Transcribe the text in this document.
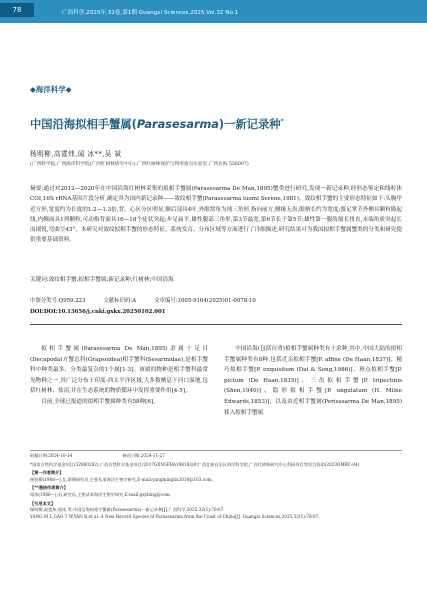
78	广西科学,2025年,32卷,第1期 Guangxi Sciences,2025,Vol.32 No.1
◆海洋科学◆
中国沿海拟相手蟹属(Parasesarma)一新记录种*
杨明柳,高霆炜,闻 冰**,吴 斌
(广西科学院,广西海洋科学院(广西红树林研究中心),广西红树林保护与利用重点实验室,广西北海 536007)
摘要:通过对2012—2020年在中国沿海红树林采集的拟相手蟹属(Parasesarma De Man,1895)蟹类进行研究,发现一新记录种,经形态鉴定和线粒体COI,16S rRNA基因片段分析,确定其为国内新记录种——敛纹相手蟹(Parasesarma luomi Serène,1981)。敛纹相手蟹的主要形态特征如下:头胸甲近方形,宽度约为长度的1.2—1.3倍,背、心区分区明显,额后部具4叶,外眼窝角为钝三角形,指向前方,侧缘无齿,眼柄长约为宽度;螯足掌节外侧具颗粒隆起线,内侧面具1列颗粒,可动指背面具16—18个疣状突起;步足扁平,雄性腹部三角形,第3节最宽,第6节长于第5节;雄性第一腹肢细长扭直,末端角质突起长而细锐,弯曲呈45°。本研究对敛纹拟相手蟹的形态特征、系统发育、分布区域等方面进行了详细描述,研究结果可为我国拟相手蟹属蟹类的分类和研究提供重要基础资料。
关键词:敛纹相手蟹;拟相手蟹属;新记录种;红树林;中国沿海
中图分类号:Q959.223	文献标识码:A	文章编号:1005-9164(2025)01-0078-10
DOI:DOI:10.13656/j.cnki.gxkx.20250102.001

拟相手蟹属(Parasesarma De Man,1895)隶属十足目(Decapoda)方蟹总科(Grapsoidea)相手蟹科(Sesarmidae),是相手蟹科中种类最多、分类最复杂的1个属[1-3]。该属的物种是相手蟹科最常见物种之一,其广泛分布于印度-西太平洋区域,大多数栖息于河口湿地,包括红树林、盐沼,并在生态系统的物质循环中发挥重要作用[4-5]。

目前,全球已报道的拟相手蟹属种类有58种[6]。

中国沿海(包括台湾)拟相手蟹属种类有十余种,其中,中国大陆的拟相手蟹属种类有8种,包括近亲拟相手蟹[P. affine (De Haan,1837)]、精巧拟相手蟹[P. exquisitum (Dai & Song,1986)]、斑点拟相手蟹[P. pictum (De Haan,1835)]、三齿拟相手蟹[P. tripectinis (Shen,1940)]、隐形拟相手蟹[P. ungulatum (H. Milne Edwards,1853)]、以及由近相手蟹属(Perisesarma De Man,1895)移入拟相手蟹属

收稿日期:2024-10-14　　　　　　　　　　　　	修回日期:2024-11-27
*国家自然科学基金项目(32060282),广西自然科学基金项目(2017GXNSFBA198183)和广西壮族自治区海洋科学院,广西红树林研究中心科研项目等项目资助(2023GMRC-04)
【第一作者简介】
杨明柳(1988—),女,助理研究员,主要从事海洋生物学研究,E-mail:yangmingliu2010@163.com。
【**通信作者简介】
闻冰(1986—),男,研究员,主要从事海洋生物学研究,E-mail:gxybing@com。
【引用本文】
杨明柳,高霆炜,闻冰,等.中国沿海拟相手蟹属(Parasesarma)一新记录种[J].广西科学,2025,32(1):78-87.
YANG M L,GAO T W,YAN B,et al. A New Record Species of Parasesarma from the Coast of China[J]. Guangxi Sciences,2025,32(1):78-87.
